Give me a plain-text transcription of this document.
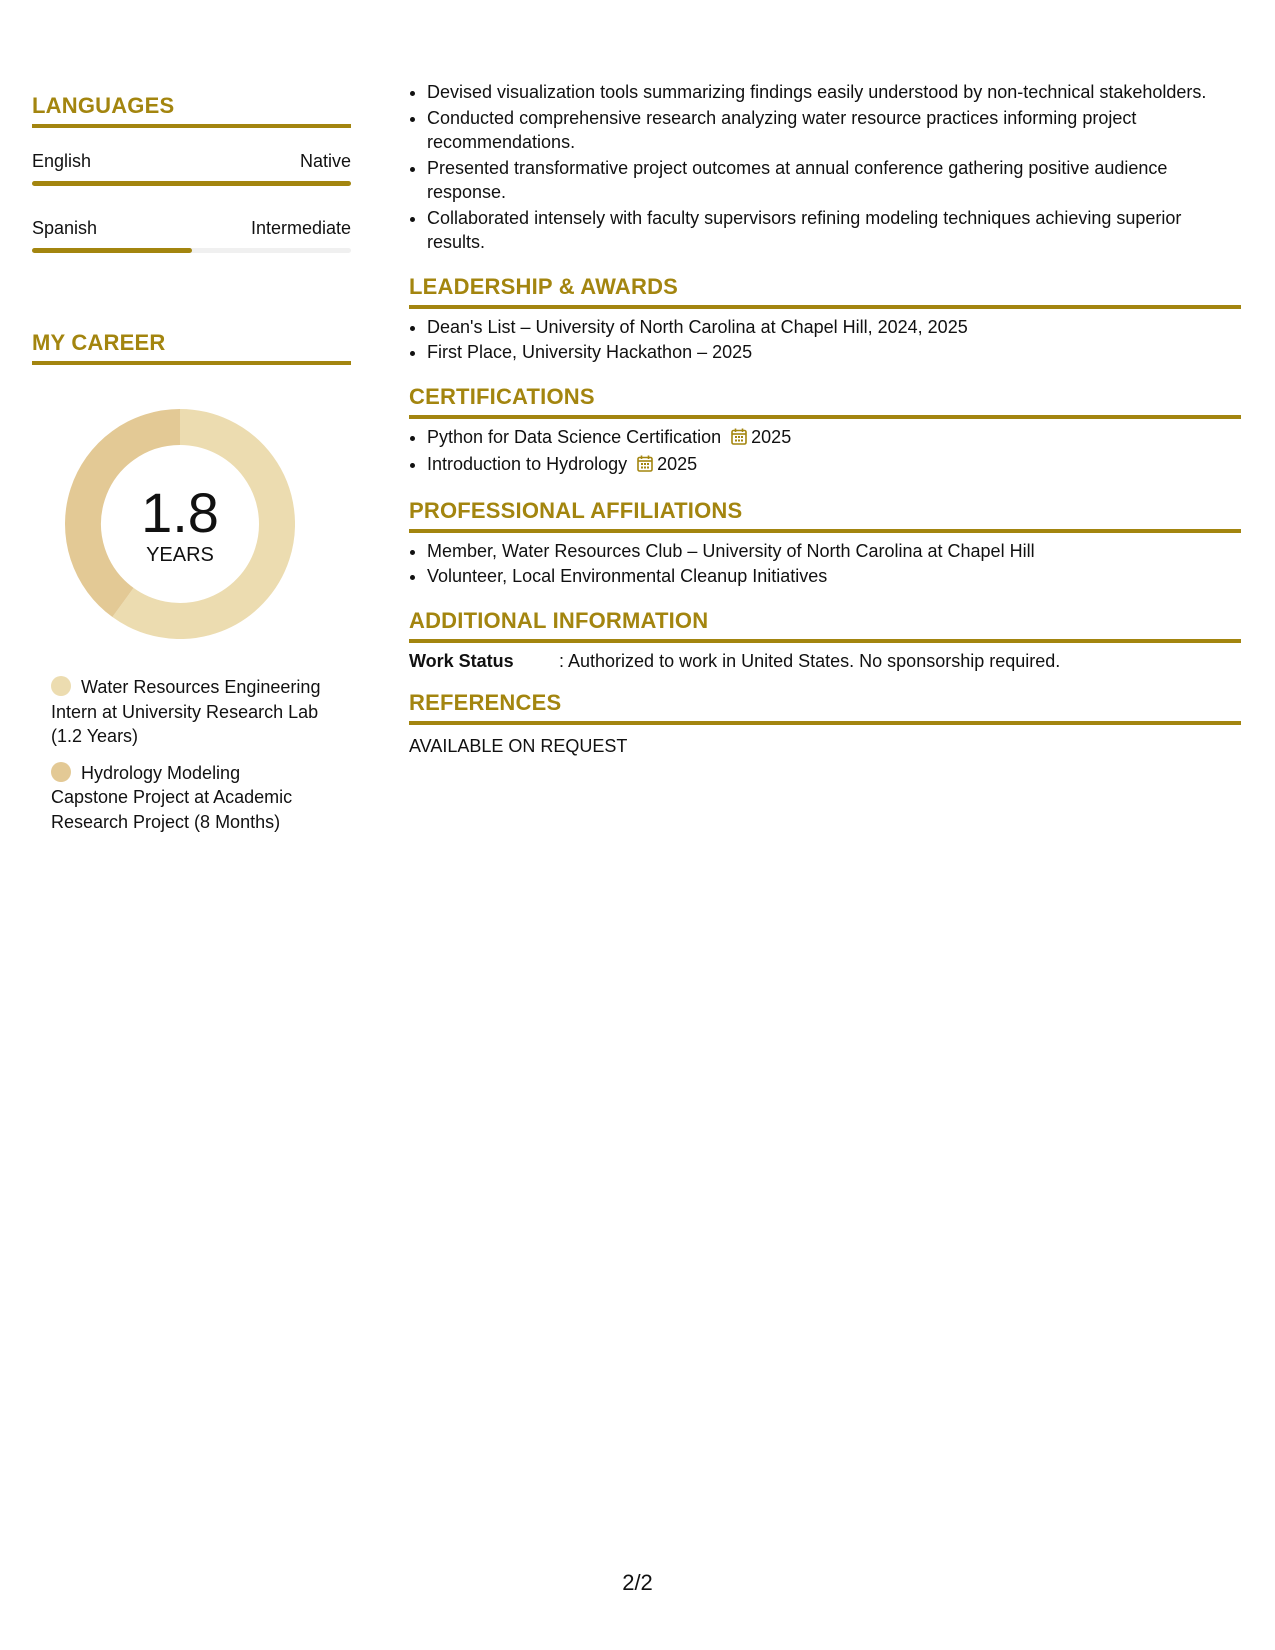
LANGUAGES
English	Native
Spanish	Intermediate
MY CAREER
1.8
YEARS
Water Resources Engineering Intern at University Research Lab (1.2 Years)
Hydrology Modeling Capstone Project at Academic Research Project (8 Months)
• Devised visualization tools summarizing findings easily understood by non-technical stakeholders.
• Conducted comprehensive research analyzing water resource practices informing project recommendations.
• Presented transformative project outcomes at annual conference gathering positive audience response.
• Collaborated intensely with faculty supervisors refining modeling techniques achieving superior results.
LEADERSHIP & AWARDS
• Dean's List – University of North Carolina at Chapel Hill, 2024, 2025
• First Place, University Hackathon – 2025
CERTIFICATIONS
• Python for Data Science Certification 2025
• Introduction to Hydrology 2025
PROFESSIONAL AFFILIATIONS
• Member, Water Resources Club – University of North Carolina at Chapel Hill
• Volunteer, Local Environmental Cleanup Initiatives
ADDITIONAL INFORMATION
Work Status	: Authorized to work in United States. No sponsorship required.
REFERENCES
AVAILABLE ON REQUEST
2/2
